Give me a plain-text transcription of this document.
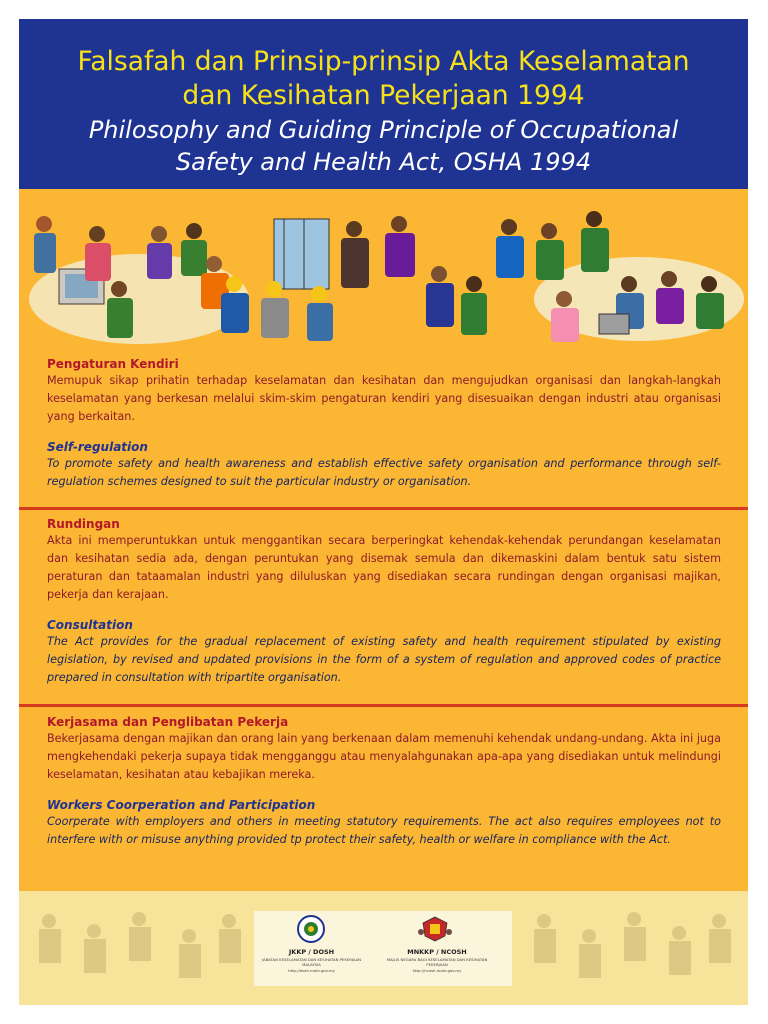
Falsafah dan Prinsip-prinsip Akta Keselamatan
dan Kesihatan Pekerjaan 1994
Philosophy and Guiding Principle of Occupational
Safety and Health Act, OSHA 1994

Pengaturan Kendiri

Memupuk sikap prihatin terhadap keselamatan dan kesihatan dan mengujudkan organisasi dan langkah-langkah keselamatan yang berkesan melalui skim-skim pengaturan kendiri yang disesuaikan dengan industri atau organisasi yang berkaitan.

Self-regulation

To promote safety and health awareness and establish effective safety organisation and performance through self-regulation schemes designed to suit the particular industry or organisation.

Rundingan

Akta ini memperuntukkan untuk menggantikan secara berperingkat kehendak-kehendak perundangan keselamatan dan kesihatan sedia ada, dengan peruntukan yang disemak semula dan dikemaskini dalam bentuk satu sistem peraturan dan tataamalan industri yang diluluskan yang disediakan secara rundingan dengan organisasi majikan, pekerja dan kerajaan.

Consultation

The Act provides for the gradual replacement of existing safety and health requirement stipulated by existing legislation, by revised and updated provisions in the form of a system of regulation and approved codes of practice prepared in consultation with tripartite organisation.

Kerjasama dan Penglibatan Pekerja

Bekerjasama dengan majikan dan orang lain yang berkenaan dalam memenuhi kehendak undang-undang. Akta ini juga mengkehendaki pekerja supaya tidak mengganggu atau menyalahgunakan apa-apa yang disediakan untuk melindungi keselamatan, kesihatan atau kebajikan mereka.

Workers Coorperation and Participation

Coorperate with employers and others in meeting statutory requirements. The act also requires employees not to interfere with or misuse anything provided tp protect their safety, health or welfare in compliance with the Act.

JKKP / DOSH
JABATAN KESELAMATAN DAN KESIHATAN PEKERJAAN MALAYSIA
http://dosh.mohr.gov.my
MNKKP / NCOSH
MAJLIS NEGARA BAGI KESELAMATAN DAN KESIHATAN PEKERJAAN
http://ncosh.mohr.gov.my
